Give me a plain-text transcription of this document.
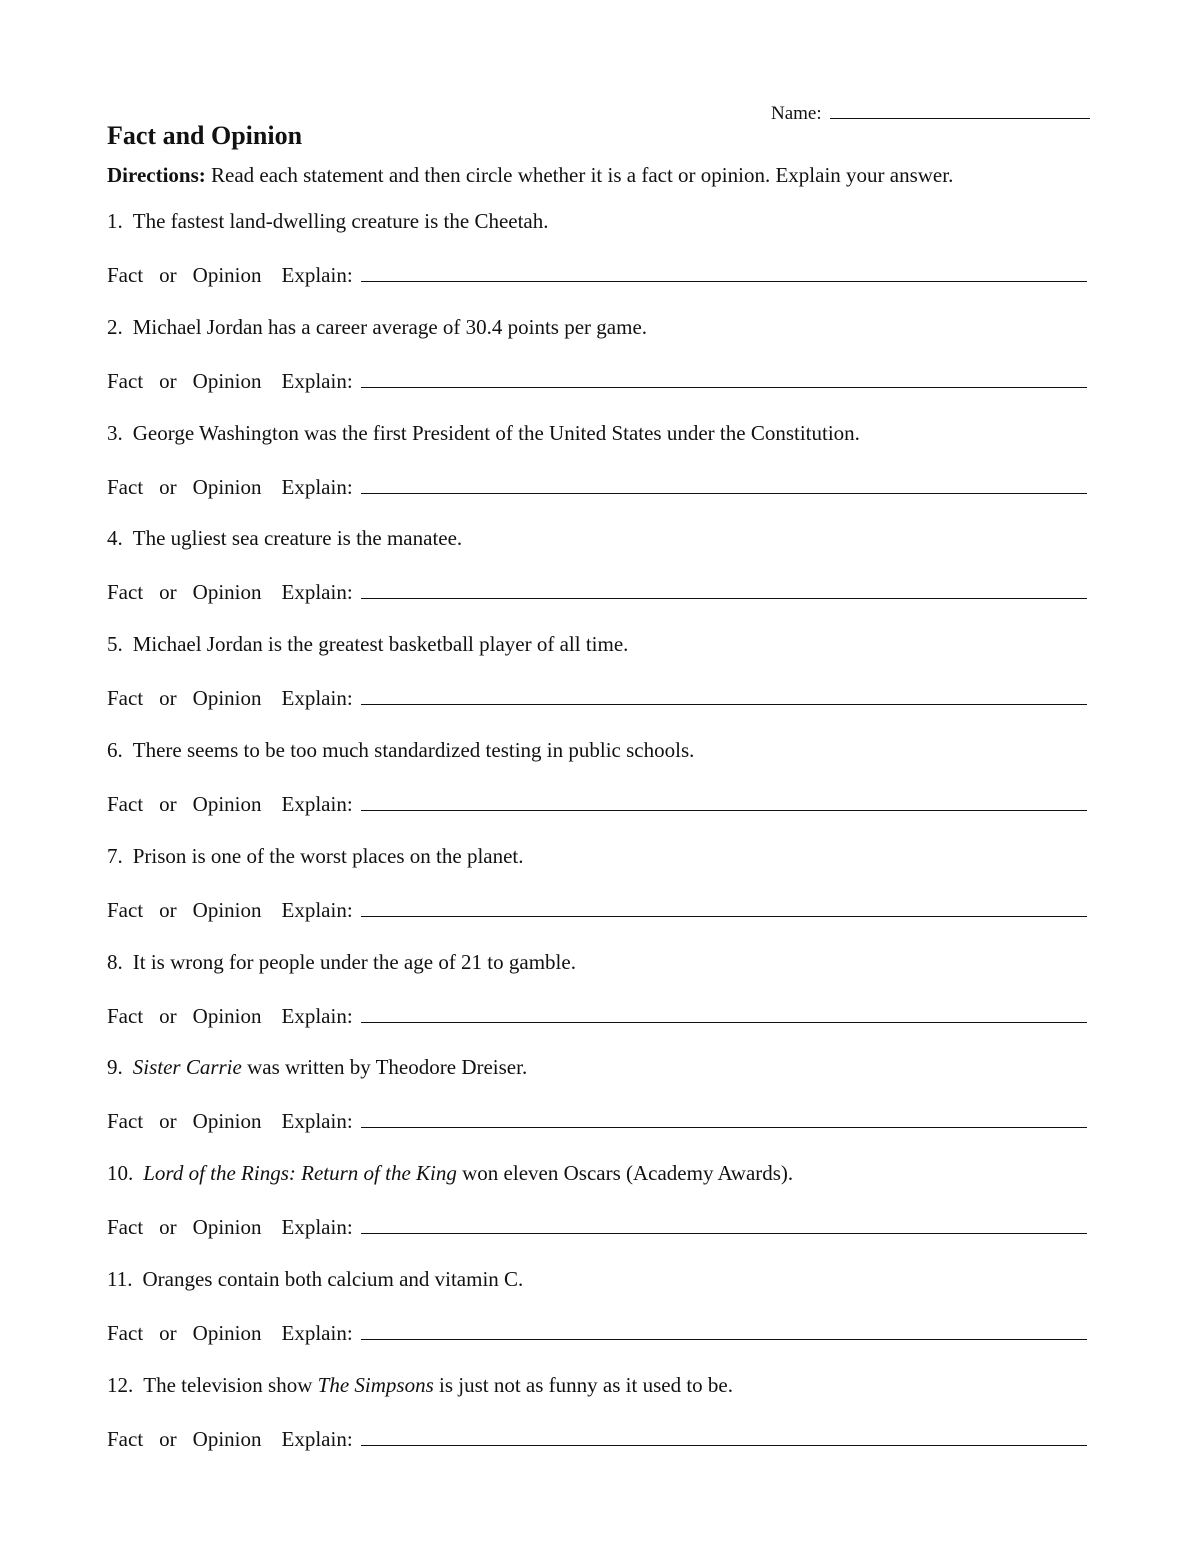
Name:
Fact and Opinion
Directions: Read each statement and then circle whether it is a fact or opinion. Explain your answer.
1. The fastest land-dwelling creature is the Cheetah.
Fact or Opinion Explain:
2. Michael Jordan has a career average of 30.4 points per game.
Fact or Opinion Explain:
3. George Washington was the first President of the United States under the Constitution.
Fact or Opinion Explain:
4. The ugliest sea creature is the manatee.
Fact or Opinion Explain:
5. Michael Jordan is the greatest basketball player of all time.
Fact or Opinion Explain:
6. There seems to be too much standardized testing in public schools.
Fact or Opinion Explain:
7. Prison is one of the worst places on the planet.
Fact or Opinion Explain:
8. It is wrong for people under the age of 21 to gamble.
Fact or Opinion Explain:
9. Sister Carrie was written by Theodore Dreiser.
Fact or Opinion Explain:
10. Lord of the Rings: Return of the King won eleven Oscars (Academy Awards).
Fact or Opinion Explain:
11. Oranges contain both calcium and vitamin C.
Fact or Opinion Explain:
12. The television show The Simpsons is just not as funny as it used to be.
Fact or Opinion Explain:
